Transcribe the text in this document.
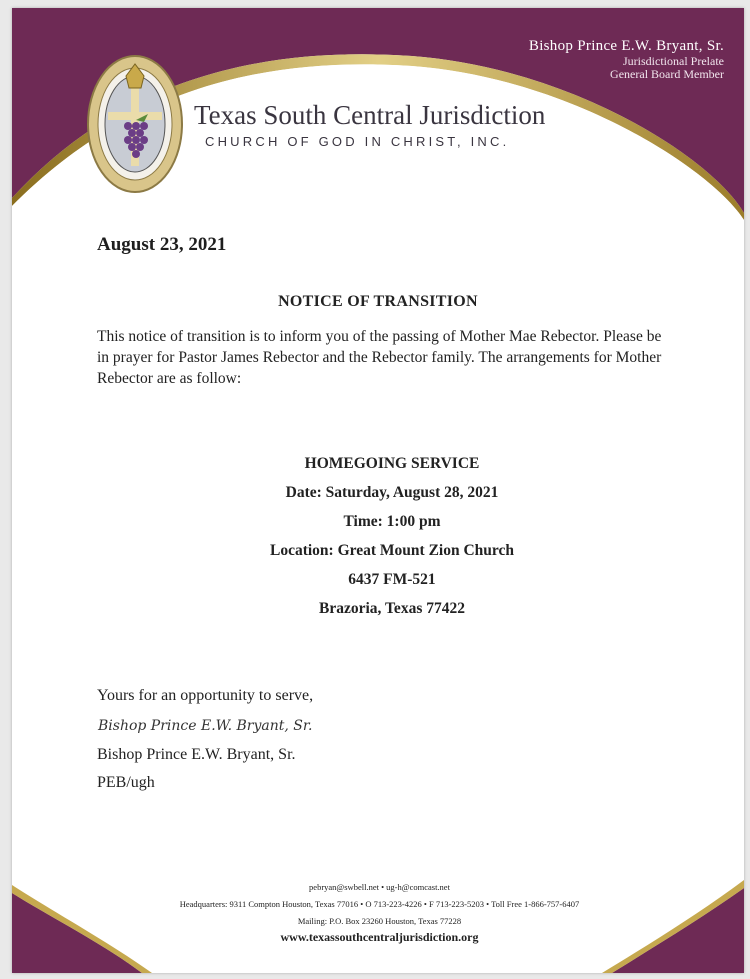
Bishop Prince E.W. Bryant, Sr.
Jurisdictional Prelate
General Board Member
Texas South Central Jurisdiction
CHURCH OF GOD IN CHRIST, INC.
August 23, 2021
NOTICE OF TRANSITION
This notice of transition is to inform you of the passing of Mother Mae Rebector. Please be in prayer for Pastor James Rebector and the Rebector family. The arrangements for Mother Rebector are as follow:
HOMEGOING SERVICE
Date: Saturday, August 28, 2021
Time: 1:00 pm
Location: Great Mount Zion Church
6437 FM-521
Brazoria, Texas 77422
Yours for an opportunity to serve,
Bishop Prince E.W. Bryant, Sr.
Bishop Prince E.W. Bryant, Sr.
PEB/ugh
pebryan@swbell.net • ug-h@comcast.net
Headquarters: 9311 Compton Houston, Texas 77016 • O 713-223-4226 • F 713-223-5203 • Toll Free 1-866-757-6407
Mailing: P.O. Box 23260 Houston, Texas 77228
www.texassouthcentraljurisdiction.org
